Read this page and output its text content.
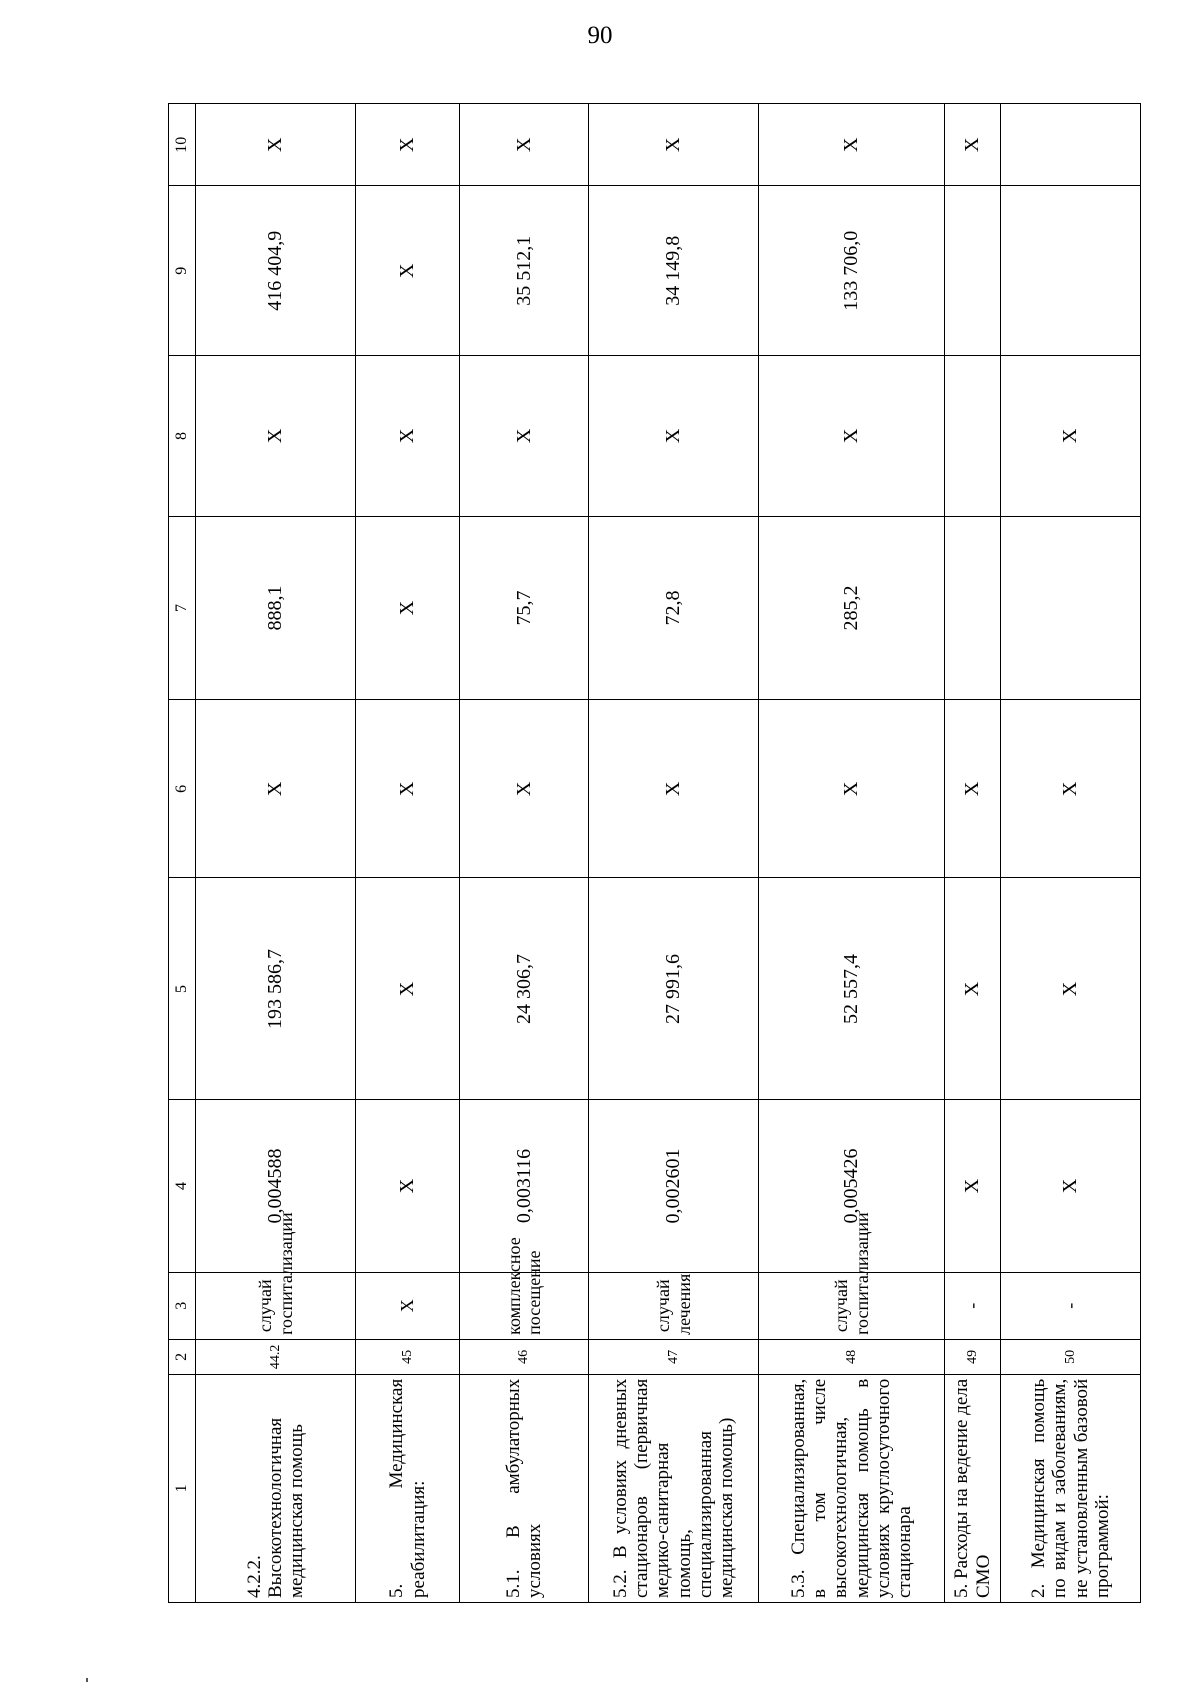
90
1	2	3	4	5	6	7	8	9	10
4.2.2. Высокотехнологичная медицинская помощь	44.2	случай госпитализации	0,004588	193 586,7	Х	888,1	Х	416 404,9	Х
5. Медицинская реабилитация:	45	Х	Х	Х	Х	Х	Х	Х	Х
5.1. В амбулаторных условиях	46	комплексное посещение	0,003116	24 306,7	Х	75,7	Х	35 512,1	Х
5.2. В условиях дневных стационаров (первичная медико-санитарная помощь, специализированная медицинская помощь)	47	случай лечения	0,002601	27 991,6	Х	72,8	Х	34 149,8	Х
5.3. Специализированная, в том числе высокотехнологичная, медицинская помощь в условиях круглосуточного стационара	48	случай госпитализации	0,005426	52 557,4	Х	285,2	Х	133 706,0	Х
5. Расходы на ведение дела СМО	49	-	Х	Х	Х				Х
2. Медицинская помощь по видам и заболеваниям, не установленным базовой программой:	50	-	Х	Х	Х		Х		
